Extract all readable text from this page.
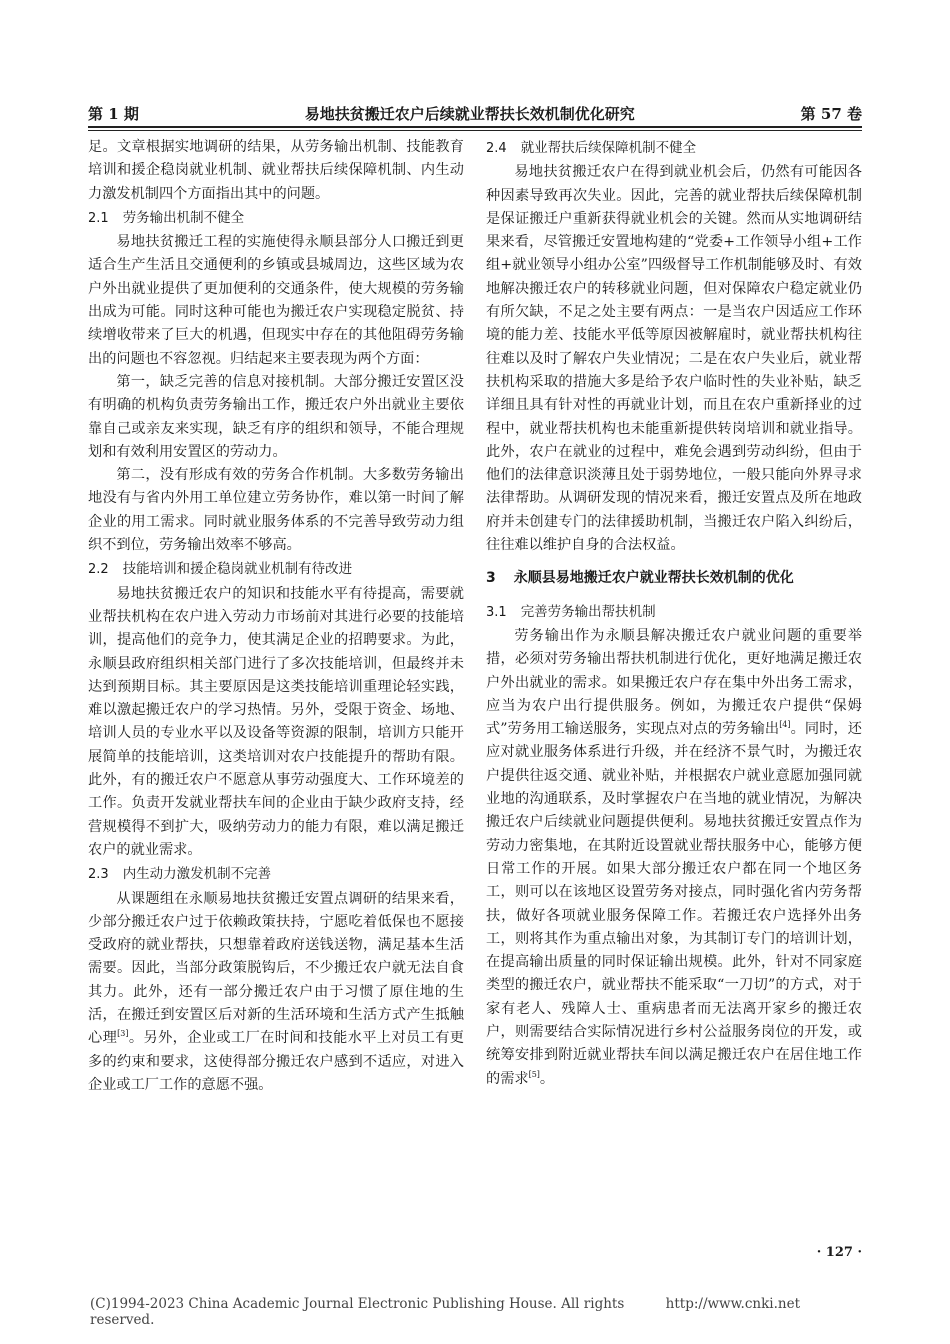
第 1 期	易地扶贫搬迁农户后续就业帮扶长效机制优化研究	第 57 卷

足。文章根据实地调研的结果，从劳务输出机制、技能教育培训和援企稳岗就业机制、就业帮扶后续保障机制、内生动力激发机制四个方面指出其中的问题。

2.1 劳务输出机制不健全

易地扶贫搬迁工程的实施使得永顺县部分人口搬迁到更适合生产生活且交通便利的乡镇或县城周边，这些区域为农户外出就业提供了更加便利的交通条件，使大规模的劳务输出成为可能。同时这种可能也为搬迁农户实现稳定脱贫、持续增收带来了巨大的机遇，但现实中存在的其他阻碍劳务输出的问题也不容忽视。归结起来主要表现为两个方面：

第一，缺乏完善的信息对接机制。大部分搬迁安置区没有明确的机构负责劳务输出工作，搬迁农户外出就业主要依靠自己或亲友来实现，缺乏有序的组织和领导，不能合理规划和有效利用安置区的劳动力。

第二，没有形成有效的劳务合作机制。大多数劳务输出地没有与省内外用工单位建立劳务协作，难以第一时间了解企业的用工需求。同时就业服务体系的不完善导致劳动力组织不到位，劳务输出效率不够高。

2.2 技能培训和援企稳岗就业机制有待改进

易地扶贫搬迁农户的知识和技能水平有待提高，需要就业帮扶机构在农户进入劳动力市场前对其进行必要的技能培训，提高他们的竞争力，使其满足企业的招聘要求。为此，永顺县政府组织相关部门进行了多次技能培训，但最终并未达到预期目标。其主要原因是这类技能培训重理论轻实践，难以激起搬迁农户的学习热情。另外，受限于资金、场地、培训人员的专业水平以及设备等资源的限制，培训方只能开展简单的技能培训，这类培训对农户技能提升的帮助有限。此外，有的搬迁农户不愿意从事劳动强度大、工作环境差的工作。负责开发就业帮扶车间的企业由于缺少政府支持，经营规模得不到扩大，吸纳劳动力的能力有限，难以满足搬迁农户的就业需求。

2.3 内生动力激发机制不完善

从课题组在永顺易地扶贫搬迁安置点调研的结果来看，少部分搬迁农户过于依赖政策扶持，宁愿吃着低保也不愿接受政府的就业帮扶，只想靠着政府送钱送物，满足基本生活需要。因此，当部分政策脱钩后，不少搬迁农户就无法自食其力。此外，还有一部分搬迁农户由于习惯了原住地的生活，在搬迁到安置区后对新的生活环境和生活方式产生抵触心理[3]。另外，企业或工厂在时间和技能水平上对员工有更多的约束和要求，这使得部分搬迁农户感到不适应，对进入企业或工厂工作的意愿不强。

2.4 就业帮扶后续保障机制不健全

易地扶贫搬迁农户在得到就业机会后，仍然有可能因各种因素导致再次失业。因此，完善的就业帮扶后续保障机制是保证搬迁户重新获得就业机会的关键。然而从实地调研结果来看，尽管搬迁安置地构建的“党委+工作领导小组+工作组+就业领导小组办公室”四级督导工作机制能够及时、有效地解决搬迁农户的转移就业问题，但对保障农户稳定就业仍有所欠缺，不足之处主要有两点：一是当农户因适应工作环境的能力差、技能水平低等原因被解雇时，就业帮扶机构往往难以及时了解农户失业情况；二是在农户失业后，就业帮扶机构采取的措施大多是给予农户临时性的失业补贴，缺乏详细且具有针对性的再就业计划，而且在农户重新择业的过程中，就业帮扶机构也未能重新提供转岗培训和就业指导。此外，农户在就业的过程中，难免会遇到劳动纠纷，但由于他们的法律意识淡薄且处于弱势地位，一般只能向外界寻求法律帮助。从调研发现的情况来看，搬迁安置点及所在地政府并未创建专门的法律援助机制，当搬迁农户陷入纠纷后，往往难以维护自身的合法权益。

3 永顺县易地搬迁农户就业帮扶长效机制的优化

3.1 完善劳务输出帮扶机制

劳务输出作为永顺县解决搬迁农户就业问题的重要举措，必须对劳务输出帮扶机制进行优化，更好地满足搬迁农户外出就业的需求。如果搬迁农户存在集中外出务工需求，应当为农户出行提供服务。例如，为搬迁农户提供“保姆式”劳务用工输送服务，实现点对点的劳务输出[4]。同时，还应对就业服务体系进行升级，并在经济不景气时，为搬迁农户提供往返交通、就业补贴，并根据农户就业意愿加强同就业地的沟通联系，及时掌握农户在当地的就业情况，为解决搬迁农户后续就业问题提供便利。易地扶贫搬迁安置点作为劳动力密集地，在其附近设置就业帮扶服务中心，能够方便日常工作的开展。如果大部分搬迁农户都在同一个地区务工，则可以在该地区设置劳务对接点，同时强化省内劳务帮扶，做好各项就业服务保障工作。若搬迁农户选择外出务工，则将其作为重点输出对象，为其制订专门的培训计划，在提高输出质量的同时保证输出规模。此外，针对不同家庭类型的搬迁农户，就业帮扶不能采取“一刀切”的方式，对于家有老人、残障人士、重病患者而无法离开家乡的搬迁农户，则需要结合实际情况进行乡村公益服务岗位的开发，或统筹安排到附近就业帮扶车间以满足搬迁农户在居住地工作的需求[5]。

· 127 ·
(C)1994-2023 China Academic Journal Electronic Publishing House. All rights reserved.
http://www.cnki.net
